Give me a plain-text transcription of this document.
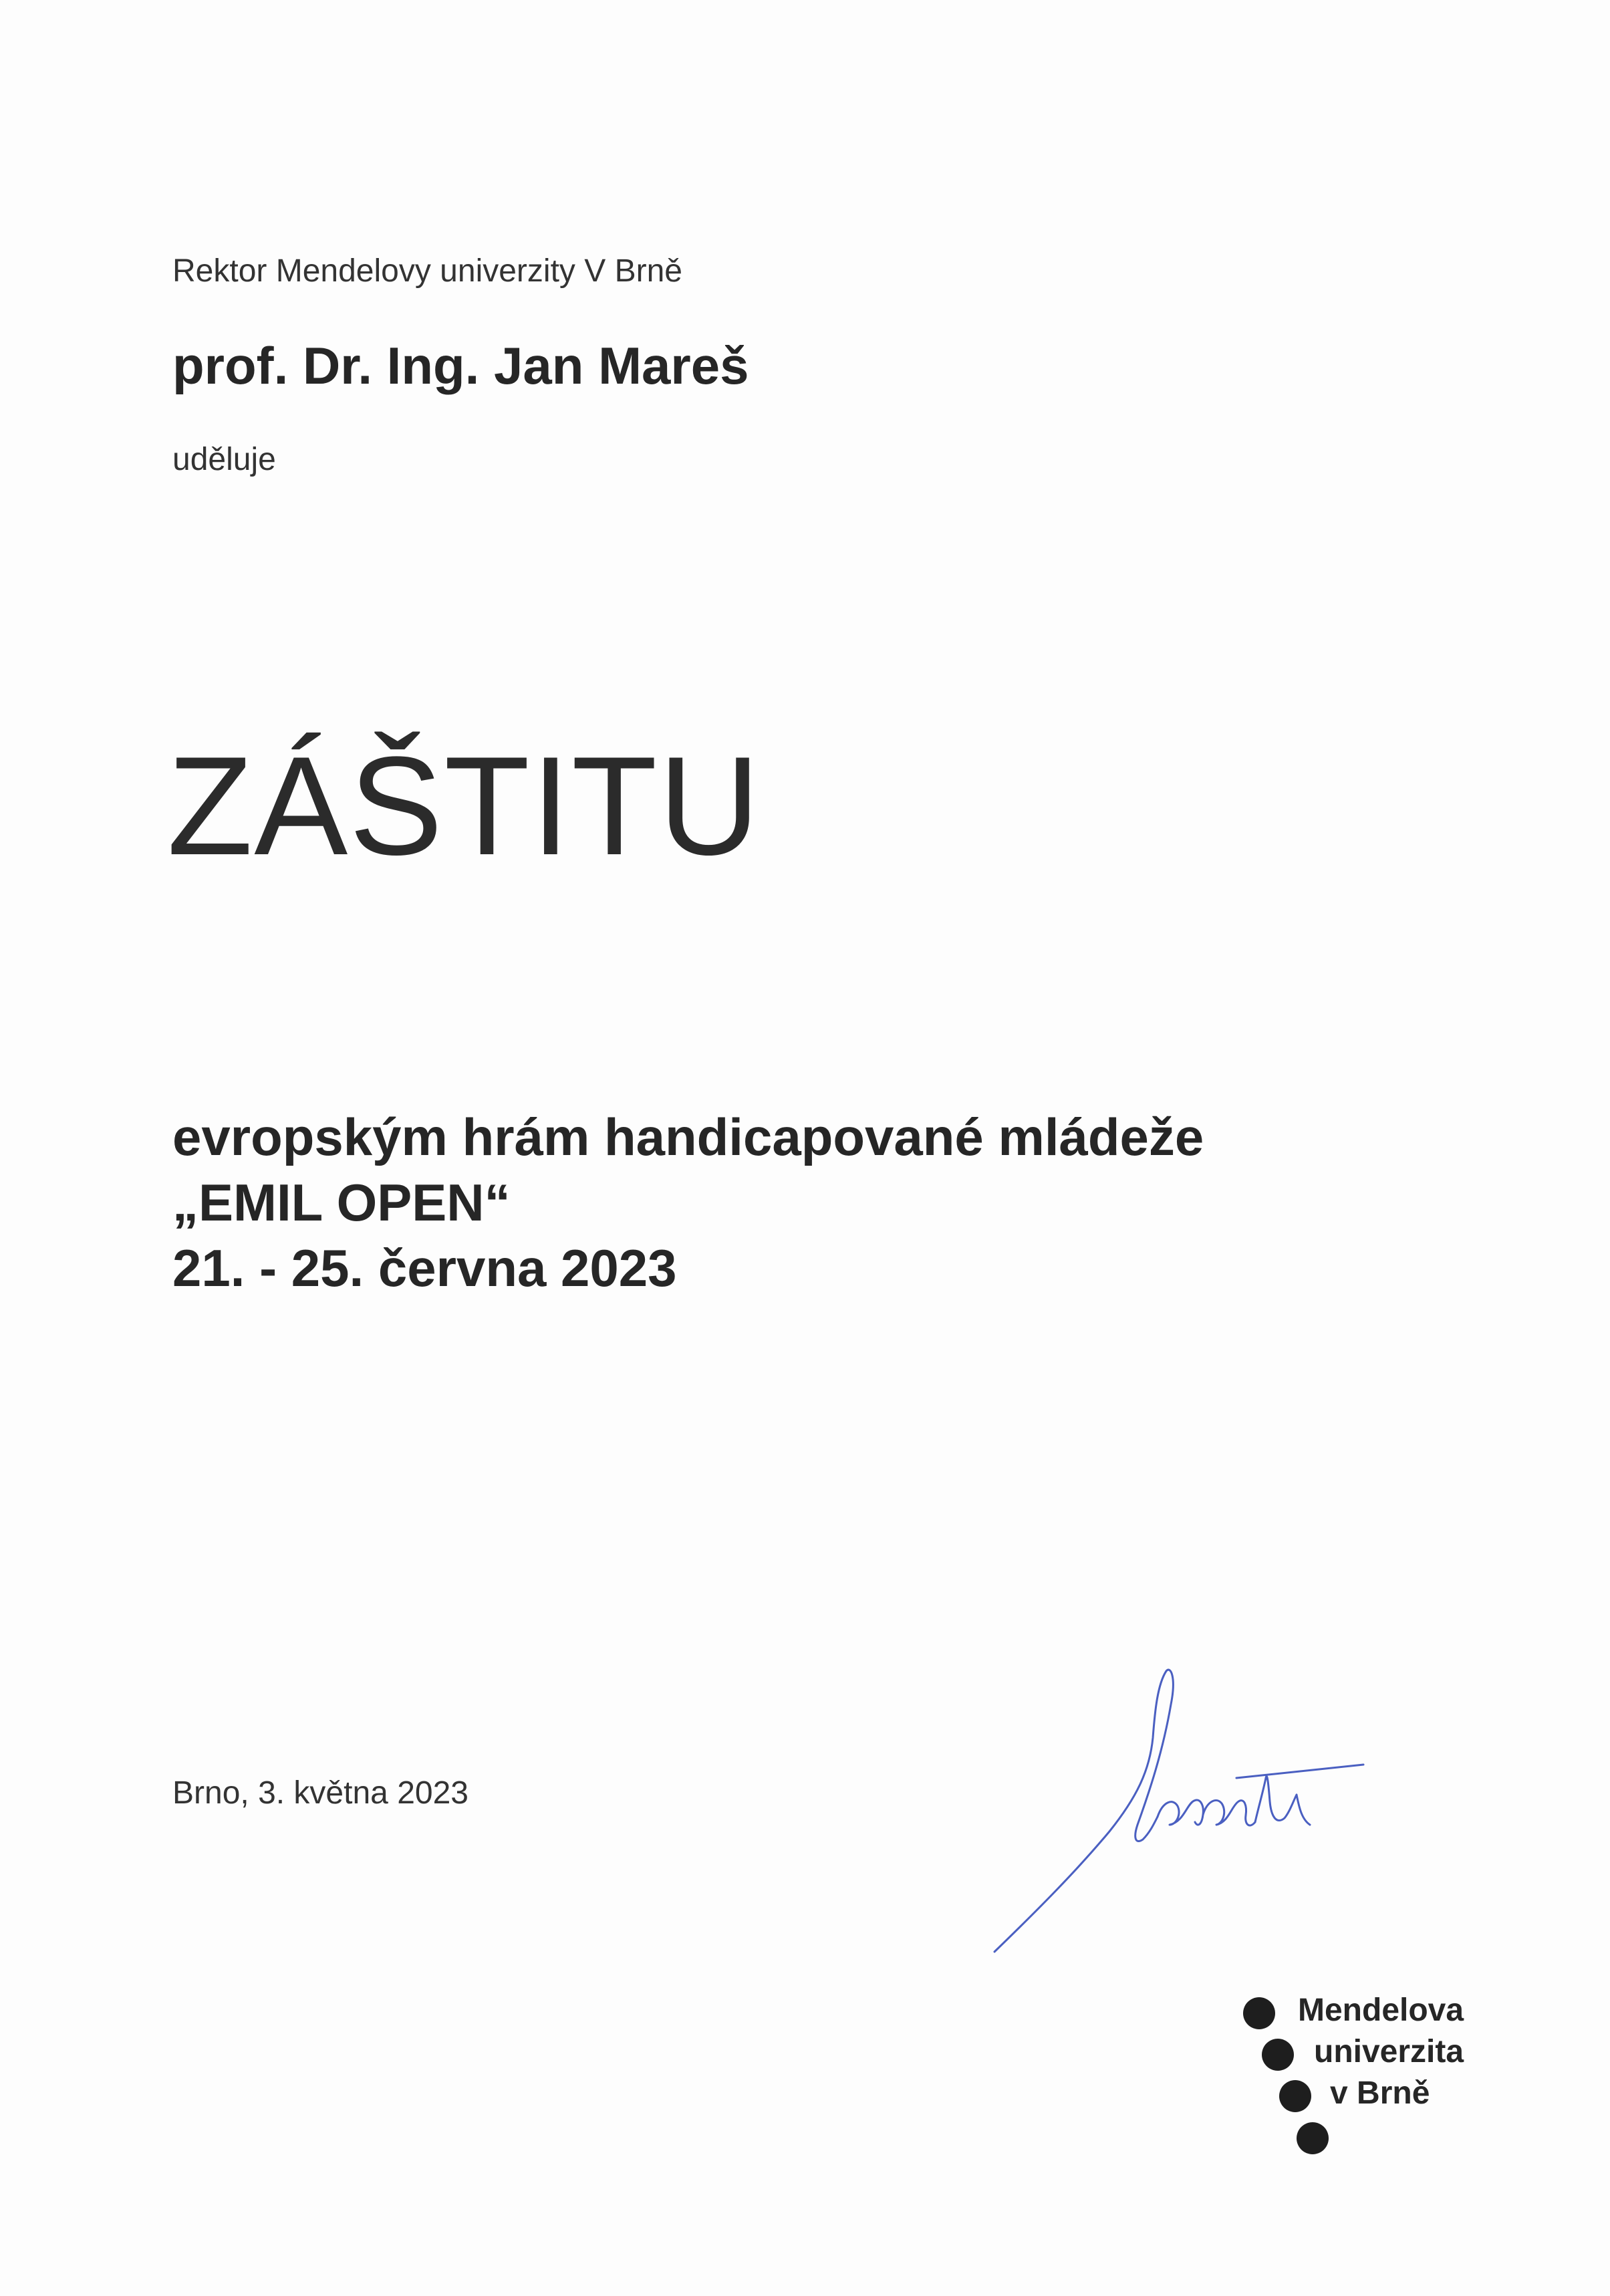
Rektor Mendelovy univerzity V Brně
prof. Dr. Ing. Jan Mareš
uděluje
ZÁŠTITU
evropským hrám handicapované mládeže
„EMIL OPEN“
21. - 25. června 2023
Brno, 3. května 2023
Mendelova
univerzita
v Brně
